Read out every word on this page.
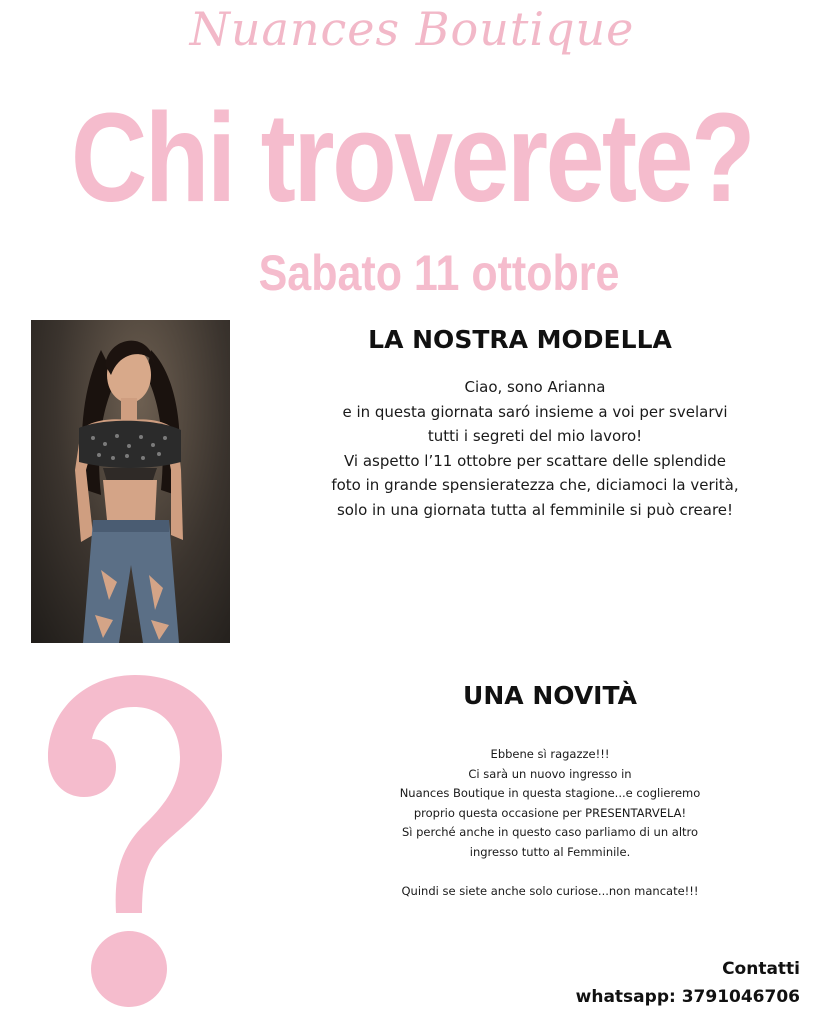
Nuances Boutique
Chi troverete?
Sabato 11 ottobre
LA NOSTRA MODELLA
Ciao, sono Arianna
e in questa giornata saró insieme a voi per svelarvi
tutti i segreti del mio lavoro!
Vi aspetto l’11 ottobre per scattare delle splendide
foto in grande spensieratezza che, diciamoci la verità,
solo in una giornata tutta al femminile si può creare!
UNA NOVITÀ
Ebbene sì ragazze!!!
Ci sarà un nuovo ingresso in
Nuances Boutique in questa stagione...e coglieremo
proprio questa occasione per PRESENTARVELA!
Sì perché anche in questo caso parliamo di un altro
ingresso tutto al Femminile.
Quindi se siete anche solo curiose...non mancate!!!
Contatti
whatsapp: 3791046706
